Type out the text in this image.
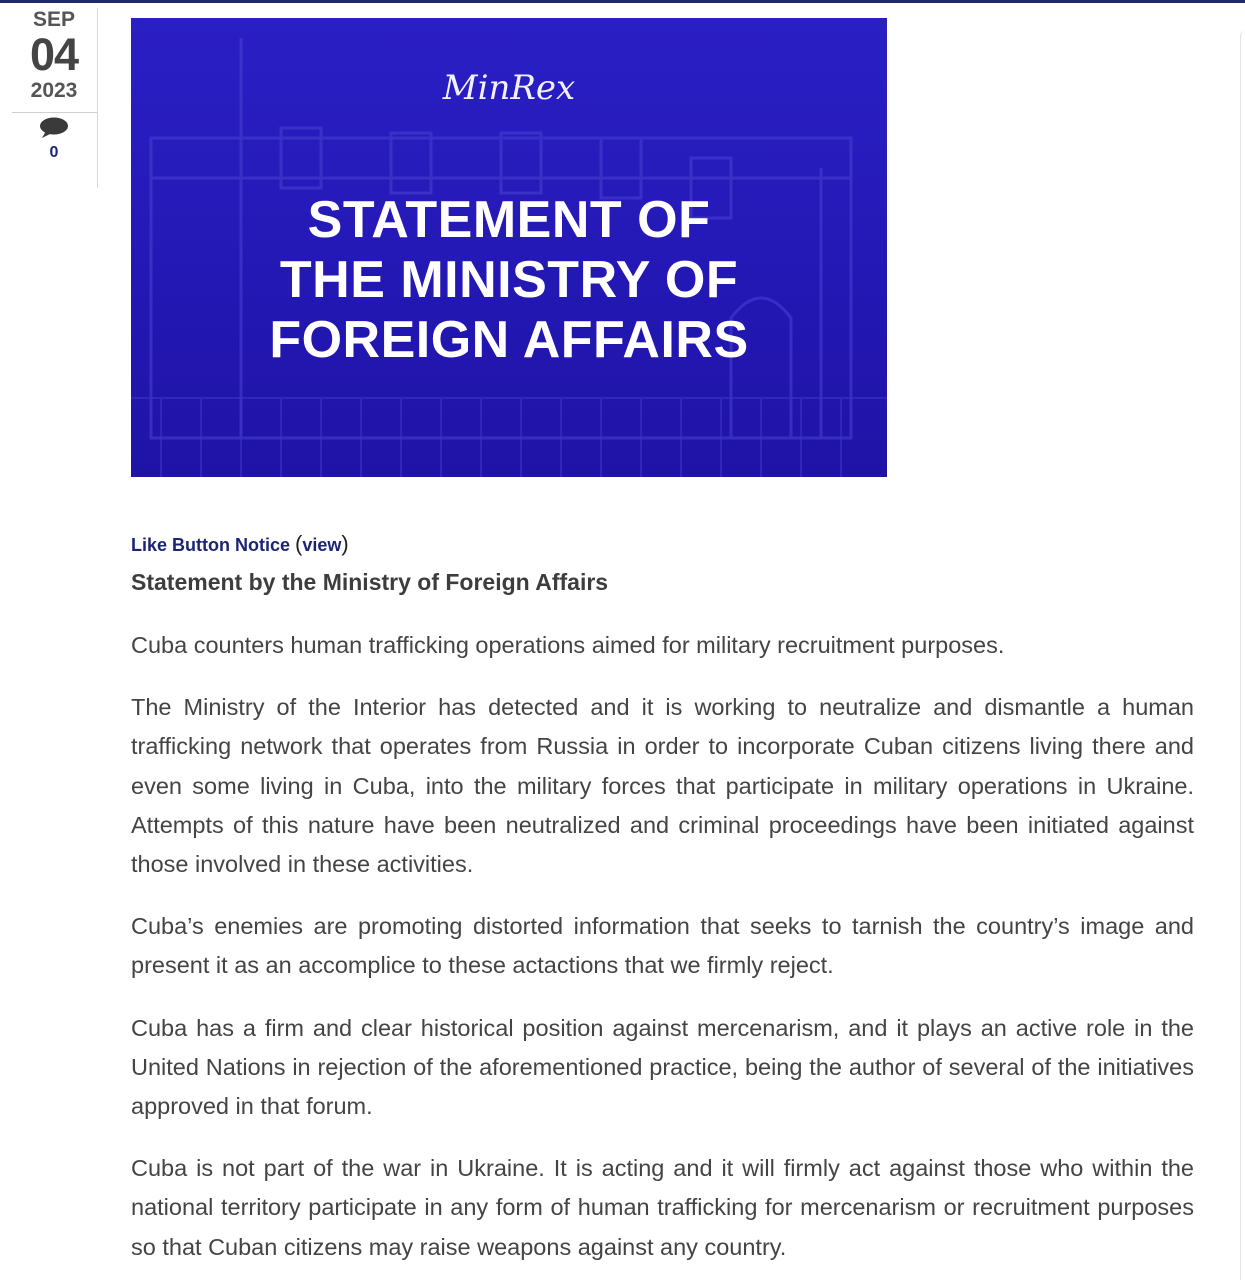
SEP
04
2023
0
MinRex
STATEMENT OF
THE MINISTRY OF
FOREIGN AFFAIRS
Like Button Notice (view)
Statement by the Ministry of Foreign Affairs

Cuba counters human trafficking operations aimed for military recruitment purposes.

The Ministry of the Interior has detected and it is working to neutralize and dismantle a human trafficking network that operates from Russia in order to incorporate Cuban citizens living there and even some living in Cuba, into the military forces that participate in military operations in Ukraine. Attempts of this nature have been neutralized and criminal proceedings have been initiated against those involved in these activities.

Cuba’s enemies are promoting distorted information that seeks to tarnish the country’s image and present it as an accomplice to these actactions that we firmly reject.

Cuba has a firm and clear historical position against mercenarism, and it plays an active role in the United Nations in rejection of the aforementioned practice, being the author of several of the initiatives approved in that forum.

Cuba is not part of the war in Ukraine. It is acting and it will firmly act against those who within the national territory participate in any form of human trafficking for mercenarism or recruitment purposes so that Cuban citizens may raise weapons against any country.
